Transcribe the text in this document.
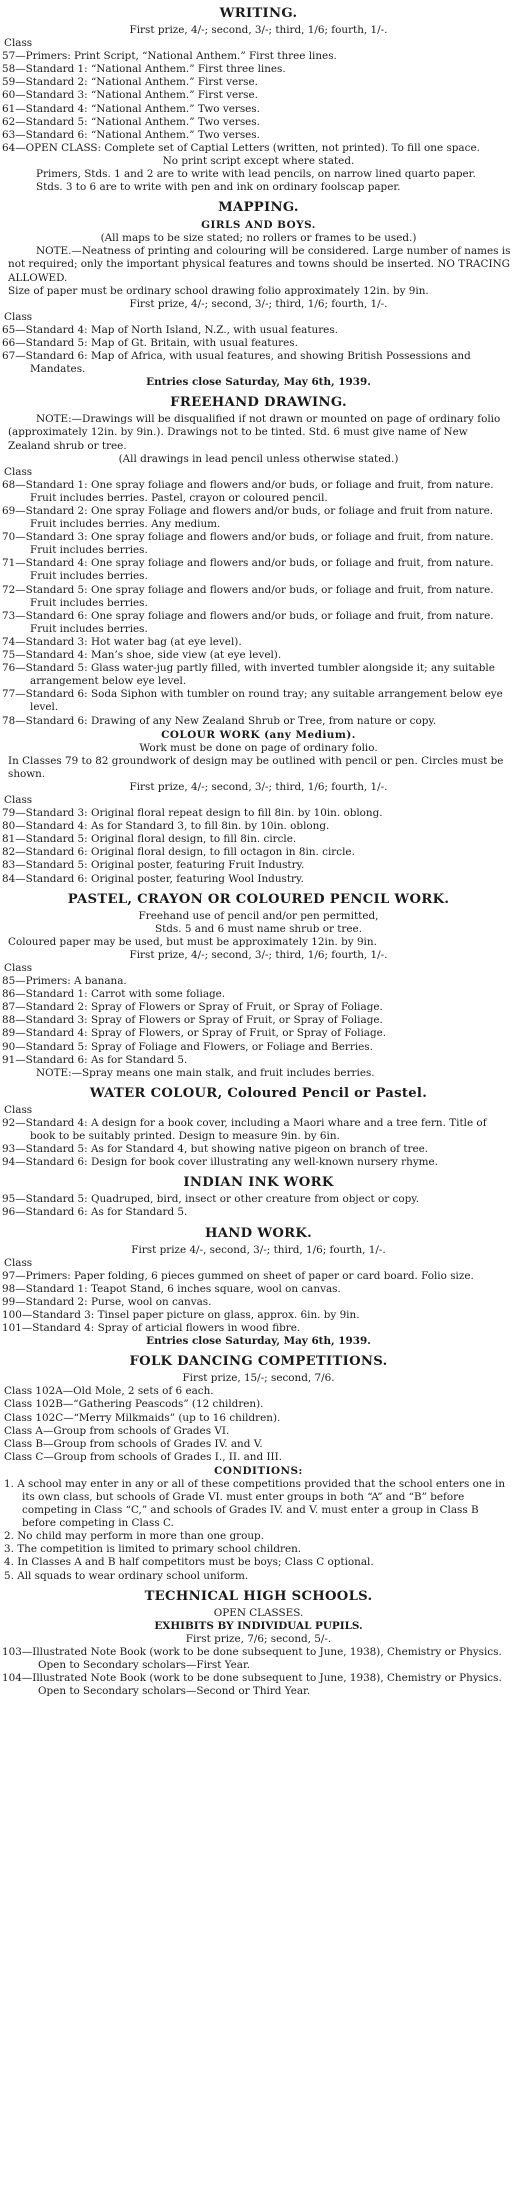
WRITING.
First prize, 4/-; second, 3/-; third, 1/6; fourth, 1/-.
Class
57—Primers: Print Script, “National Anthem.” First three lines.
58—Standard 1: “National Anthem.” First three lines.
59—Standard 2: “National Anthem.” First verse.
60—Standard 3: “National Anthem.” First verse.
61—Standard 4: “National Anthem.” Two verses.
62—Standard 5: “National Anthem.” Two verses.
63—Standard 6: “National Anthem.” Two verses.
64—OPEN CLASS: Complete set of Captial Letters (written, not printed). To fill one space.
No print script except where stated.
Primers, Stds. 1 and 2 are to write with lead pencils, on narrow lined quarto paper.
Stds. 3 to 6 are to write with pen and ink on ordinary foolscap paper.
MAPPING.
GIRLS AND BOYS.
(All maps to be size stated; no rollers or frames to be used.)
NOTE.—Neatness of printing and colouring will be considered. Large number of names is not required; only the important physical features and towns should be inserted. NO TRACING ALLOWED.
Size of paper must be ordinary school drawing folio approximately 12in. by 9in.
First prize, 4/-; second, 3/-; third, 1/6; fourth, 1/-.
Class
65—Standard 4: Map of North Island, N.Z., with usual features.
66—Standard 5: Map of Gt. Britain, with usual features.
67—Standard 6: Map of Africa, with usual features, and showing British Possessions and Mandates.
Entries close Saturday, May 6th, 1939.
FREEHAND DRAWING.
NOTE:—Drawings will be disqualified if not drawn or mounted on page of ordinary folio (approximately 12in. by 9in.). Drawings not to be tinted. Std. 6 must give name of New Zealand shrub or tree.
(All drawings in lead pencil unless otherwise stated.)
Class
68—Standard 1: One spray foliage and flowers and/or buds, or foliage and fruit, from nature. Fruit includes berries. Pastel, crayon or coloured pencil.
69—Standard 2: One spray Foliage and flowers and/or buds, or foliage and fruit from nature. Fruit includes berries. Any medium.
70—Standard 3: One spray foliage and flowers and/or buds, or foliage and fruit, from nature. Fruit includes berries.
71—Standard 4: One spray foliage and flowers and/or buds, or foliage and fruit, from nature. Fruit includes berries.
72—Standard 5: One spray foliage and flowers and/or buds, or foliage and fruit, from nature. Fruit includes berries.
73—Standard 6: One spray foliage and flowers and/or buds, or foliage and fruit, from nature. Fruit includes berries.
74—Standard 3: Hot water bag (at eye level).
75—Standard 4: Man’s shoe, side view (at eye level).
76—Standard 5: Glass water-jug partly filled, with inverted tumbler alongside it; any suitable arrangement below eye level.
77—Standard 6: Soda Siphon with tumbler on round tray; any suitable arrangement below eye level.
78—Standard 6: Drawing of any New Zealand Shrub or Tree, from nature or copy.
COLOUR WORK (any Medium).
Work must be done on page of ordinary folio.
In Classes 79 to 82 groundwork of design may be outlined with pencil or pen. Circles must be shown.
First prize, 4/-; second, 3/-; third, 1/6; fourth, 1/-.
Class
79—Standard 3: Original floral repeat design to fill 8in. by 10in. oblong.
80—Standard 4: As for Standard 3, to fill 8in. by 10in. oblong.
81—Standard 5: Original floral design, to fill 8in. circle.
82—Standard 6: Original floral design, to fill octagon in 8in. circle.
83—Standard 5: Original poster, featuring Fruit Industry.
84—Standard 6: Original poster, featuring Wool Industry.
PASTEL, CRAYON OR COLOURED PENCIL WORK.
Freehand use of pencil and/or pen permitted,
Stds. 5 and 6 must name shrub or tree.
Coloured paper may be used, but must be approximately 12in. by 9in.
First prize, 4/-; second, 3/-; third, 1/6; fourth, 1/-.
Class
85—Primers: A banana.
86—Standard 1: Carrot with some foliage.
87—Standard 2: Spray of Flowers or Spray of Fruit, or Spray of Foliage.
88—Standard 3: Spray of Flowers or Spray of Fruit, or Spray of Foliage.
89—Standard 4: Spray of Flowers, or Spray of Fruit, or Spray of Foliage.
90—Standard 5: Spray of Foliage and Flowers, or Foliage and Berries.
91—Standard 6: As for Standard 5.
NOTE:—Spray means one main stalk, and fruit includes berries.
WATER COLOUR, Coloured Pencil or Pastel.
Class
92—Standard 4: A design for a book cover, including a Maori whare and a tree fern. Title of book to be suitably printed. Design to measure 9in. by 6in.
93—Standard 5: As for Standard 4, but showing native pigeon on branch of tree.
94—Standard 6: Design for book cover illustrating any well-known nursery rhyme.
INDIAN INK WORK
95—Standard 5: Quadruped, bird, insect or other creature from object or copy.
96—Standard 6: As for Standard 5.
HAND WORK.
First prize 4/-, second, 3/-; third, 1/6; fourth, 1/-.
Class
97—Primers: Paper folding, 6 pieces gummed on sheet of paper or card board. Folio size.
98—Standard 1: Teapot Stand, 6 inches square, wool on canvas.
99—Standard 2: Purse, wool on canvas.
100—Standard 3: Tinsel paper picture on glass, approx. 6in. by 9in.
101—Standard 4: Spray of articial flowers in wood fibre.
Entries close Saturday, May 6th, 1939.
FOLK DANCING COMPETITIONS.
First prize, 15/-; second, 7/6.
Class 102A—Old Mole, 2 sets of 6 each.
Class 102B—“Gathering Peascods” (12 children).
Class 102C—“Merry Milkmaids” (up to 16 children).
Class A—Group from schools of Grades VI.
Class B—Group from schools of Grades IV. and V.
Class C—Group from schools of Grades I., II. and III.
CONDITIONS:
1. A school may enter in any or all of these competitions provided that the school enters one in its own class, but schools of Grade VI. must enter groups in both “A” and “B” before competing in Class “C,” and schools of Grades IV. and V. must enter a group in Class B before competing in Class C.
2. No child may perform in more than one group.
3. The competition is limited to primary school children.
4. In Classes A and B half competitors must be boys; Class C optional.
5. All squads to wear ordinary school uniform.
TECHNICAL HIGH SCHOOLS.
OPEN CLASSES.
EXHIBITS BY INDIVIDUAL PUPILS.
First prize, 7/6; second, 5/-.
103—Illustrated Note Book (work to be done subsequent to June, 1938), Chemistry or Physics. Open to Secondary scholars—First Year.
104—Illustrated Note Book (work to be done subsequent to June, 1938), Chemistry or Physics. Open to Secondary scholars—Second or Third Year.
